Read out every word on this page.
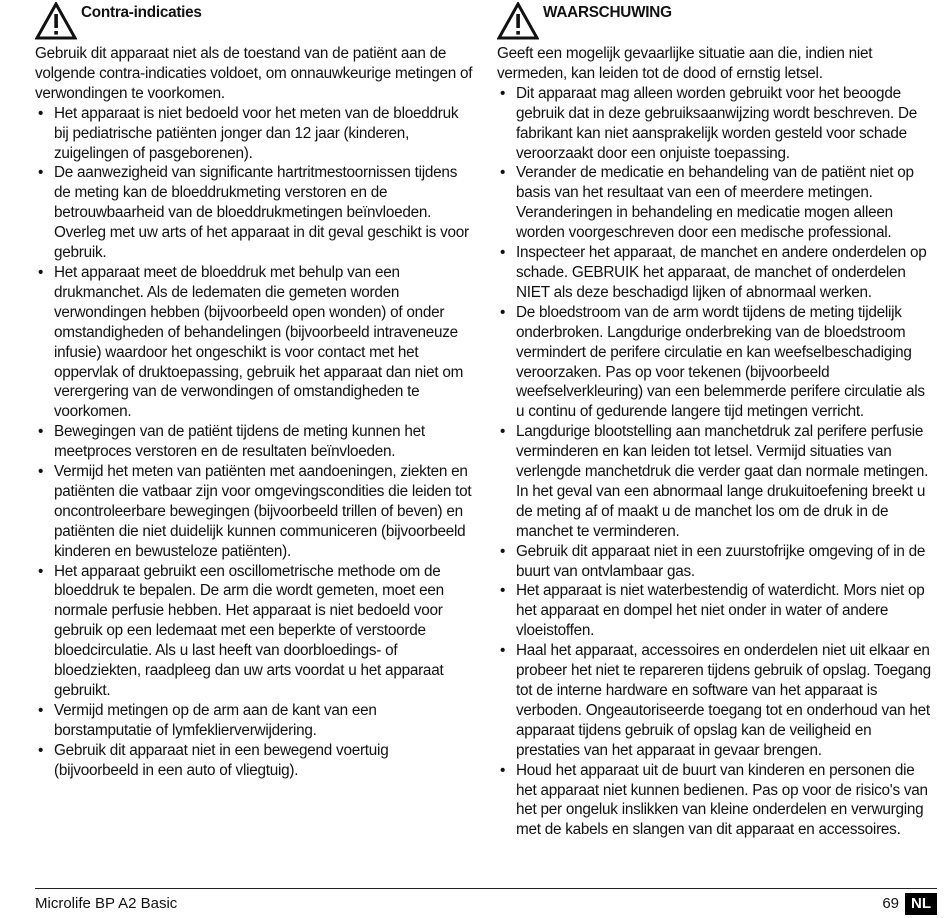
Contra-indicaties

Gebruik dit apparaat niet als de toestand van de patiënt aan de volgende contra-indicaties voldoet, om onnauwkeurige metingen of verwondingen te voorkomen.

• Het apparaat is niet bedoeld voor het meten van de bloeddruk bij pediatrische patiënten jonger dan 12 jaar (kinderen, zuigelingen of pasgeborenen).
• De aanwezigheid van significante hartritmestoornissen tijdens de meting kan de bloeddrukmeting verstoren en de betrouwbaarheid van de bloeddrukmetingen beïnvloeden. Overleg met uw arts of het apparaat in dit geval geschikt is voor gebruik.
• Het apparaat meet de bloeddruk met behulp van een drukmanchet. Als de ledematen die gemeten worden verwondingen hebben (bijvoorbeeld open wonden) of onder omstandigheden of behandelingen (bijvoorbeeld intraveneuze infusie) waardoor het ongeschikt is voor contact met het oppervlak of druktoepassing, gebruik het apparaat dan niet om verergering van de verwondingen of omstandigheden te voorkomen.
• Bewegingen van de patiënt tijdens de meting kunnen het meetproces verstoren en de resultaten beïnvloeden.
• Vermijd het meten van patiënten met aandoeningen, ziekten en patiënten die vatbaar zijn voor omgevingscondities die leiden tot oncontroleerbare bewegingen (bijvoorbeeld trillen of beven) en patiënten die niet duidelijk kunnen communiceren (bijvoorbeeld kinderen en bewusteloze patiënten).
• Het apparaat gebruikt een oscillometrische methode om de bloeddruk te bepalen. De arm die wordt gemeten, moet een normale perfusie hebben. Het apparaat is niet bedoeld voor gebruik op een ledemaat met een beperkte of verstoorde bloedcirculatie. Als u last heeft van doorbloedings- of bloedziekten, raadpleeg dan uw arts voordat u het apparaat gebruikt.
• Vermijd metingen op de arm aan de kant van een borstamputatie of lymfeklierverwijdering.
• Gebruik dit apparaat niet in een bewegend voertuig (bijvoorbeeld in een auto of vliegtuig).
WAARSCHUWING

Geeft een mogelijk gevaarlijke situatie aan die, indien niet vermeden, kan leiden tot de dood of ernstig letsel.

• Dit apparaat mag alleen worden gebruikt voor het beoogde gebruik dat in deze gebruiksaanwijzing wordt beschreven. De fabrikant kan niet aansprakelijk worden gesteld voor schade veroorzaakt door een onjuiste toepassing.
• Verander de medicatie en behandeling van de patiënt niet op basis van het resultaat van een of meerdere metingen. Veranderingen in behandeling en medicatie mogen alleen worden voorgeschreven door een medische professional.
• Inspecteer het apparaat, de manchet en andere onderdelen op schade. GEBRUIK het apparaat, de manchet of onderdelen NIET als deze beschadigd lijken of abnormaal werken.
• De bloedstroom van de arm wordt tijdens de meting tijdelijk onderbroken. Langdurige onderbreking van de bloedstroom vermindert de perifere circulatie en kan weefselbeschadiging veroorzaken. Pas op voor tekenen (bijvoorbeeld weefselverkleuring) van een belemmerde perifere circulatie als u continu of gedurende langere tijd metingen verricht.
• Langdurige blootstelling aan manchetdruk zal perifere perfusie verminderen en kan leiden tot letsel. Vermijd situaties van verlengde manchetdruk die verder gaat dan normale metingen. In het geval van een abnormaal lange drukuitoefening breekt u de meting af of maakt u de manchet los om de druk in de manchet te verminderen.
• Gebruik dit apparaat niet in een zuurstofrijke omgeving of in de buurt van ontvlambaar gas.
• Het apparaat is niet waterbestendig of waterdicht. Mors niet op het apparaat en dompel het niet onder in water of andere vloeistoffen.
• Haal het apparaat, accessoires en onderdelen niet uit elkaar en probeer het niet te repareren tijdens gebruik of opslag. Toegang tot de interne hardware en software van het apparaat is verboden. Ongeautoriseerde toegang tot en onderhoud van het apparaat tijdens gebruik of opslag kan de veiligheid en prestaties van het apparaat in gevaar brengen.
• Houd het apparaat uit de buurt van kinderen en personen die het apparaat niet kunnen bedienen. Pas op voor de risico's van het per ongeluk inslikken van kleine onderdelen en verwurging met de kabels en slangen van dit apparaat en accessoires.
Microlife BP A2 Basic	69 NL
